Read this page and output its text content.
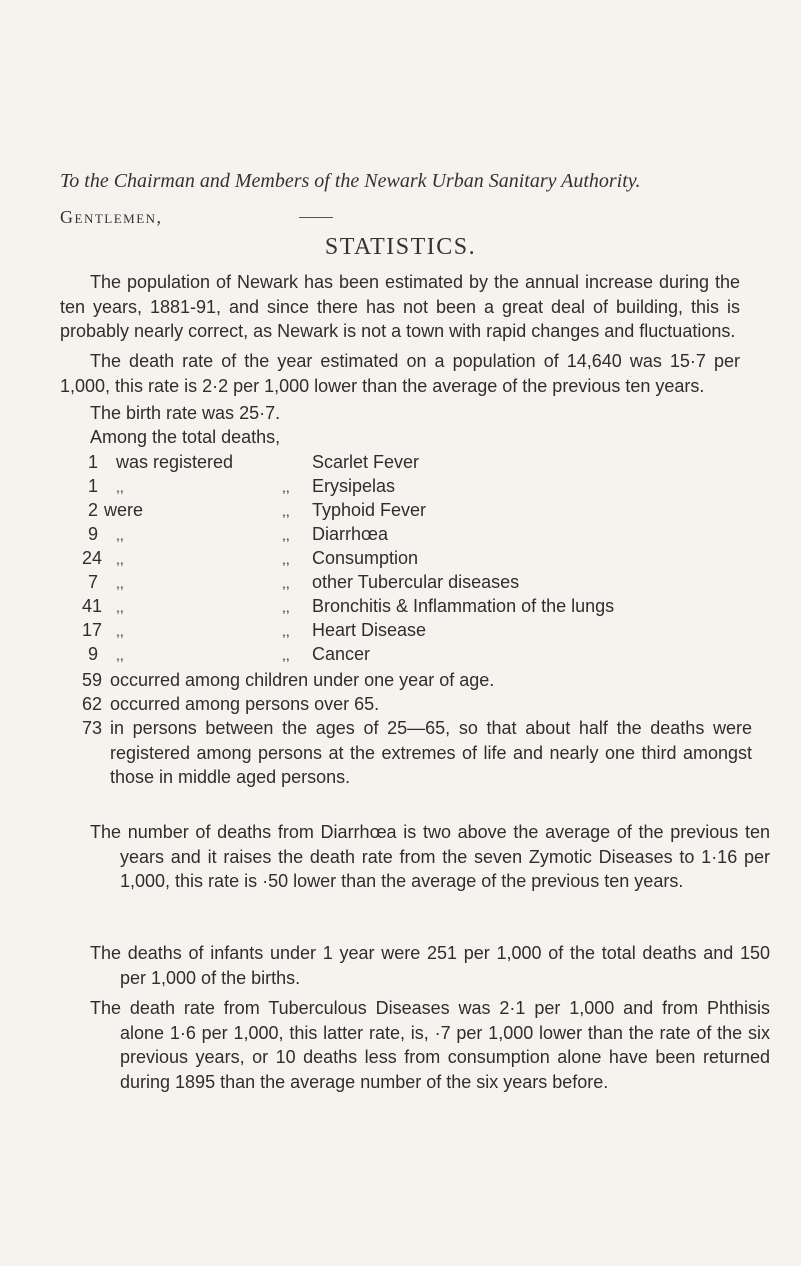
To the Chairman and Members of the Newark Urban Sanitary Authority.
Gentlemen,
STATISTICS.
The population of Newark has been estimated by the annual increase during the ten years, 1881-91, and since there has not been a great deal of building, this is probably nearly correct, as Newark is not a town with rapid changes and fluctuations.
The death rate of the year estimated on a population of 14,640 was 15·7 per 1,000, this rate is 2·2 per 1,000 lower than the average of the previous ten years.
The birth rate was 25·7.
Among the total deaths,
1 was registered	Scarlet Fever
1 ,,	,, Erysipelas
2 were	,, Typhoid Fever
9 ,,	,, Diarrhœa
24 ,,	,, Consumption
7 ,,	,, other Tubercular diseases
41 ,,	,, Bronchitis & Inflammation of the lungs
17 ,,	,, Heart Disease
9 ,,	,, Cancer
59 occurred among children under one year of age.
62 occurred among persons over 65.
73 in persons between the ages of 25—65, so that about half the deaths were registered among persons at the extremes of life and nearly one third amongst those in middle aged persons.
The number of deaths from Diarrhœa is two above the average of the previous ten years and it raises the death rate from the seven Zymotic Diseases to 1·16 per 1,000, this rate is ·50 lower than the average of the previous ten years.
The deaths of infants under 1 year were 251 per 1,000 of the total deaths and 150 per 1,000 of the births.
The death rate from Tuberculous Diseases was 2·1 per 1,000 and from Phthisis alone 1·6 per 1,000, this latter rate, is, ·7 per 1,000 lower than the rate of the six previous years, or 10 deaths less from consumption alone have been returned during 1895 than the average number of the six years before.
